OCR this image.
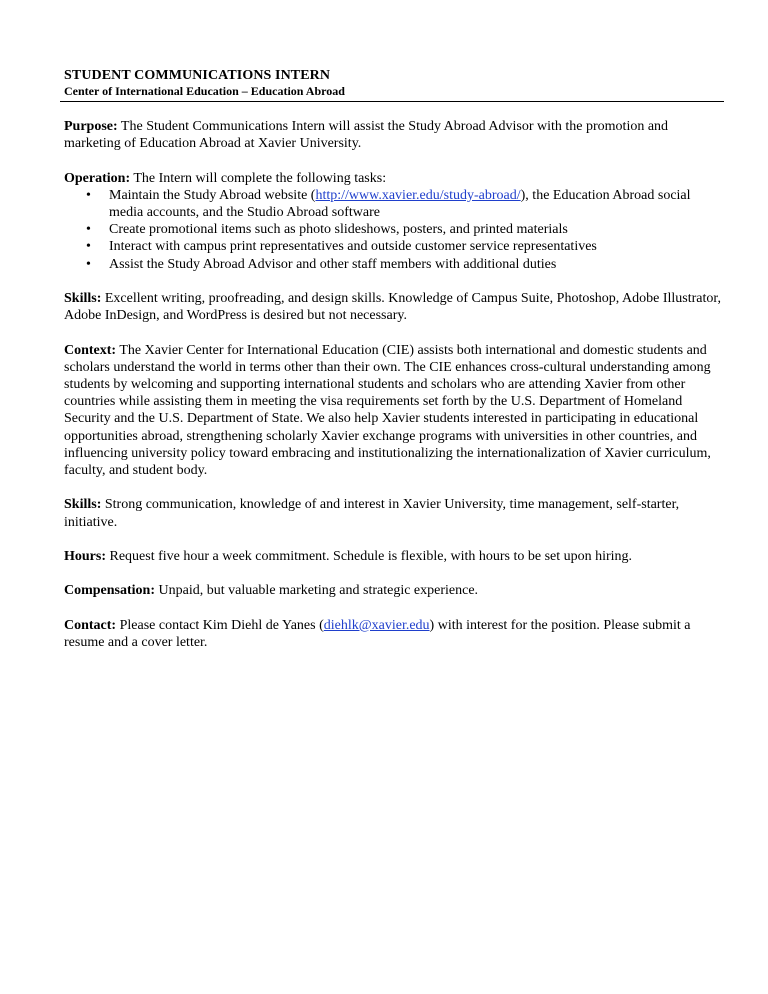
STUDENT COMMUNICATIONS INTERN

Center of International Education – Education Abroad

Purpose: The Student Communications Intern will assist the Study Abroad Advisor with the promotion and marketing of Education Abroad at Xavier University.

Operation: The Intern will complete the following tasks:

• Maintain the Study Abroad website (http://www.xavier.edu/study-abroad/), the Education Abroad social media accounts, and the Studio Abroad software
• Create promotional items such as photo slideshows, posters, and printed materials
• Interact with campus print representatives and outside customer service representatives
• Assist the Study Abroad Advisor and other staff members with additional duties

Skills: Excellent writing, proofreading, and design skills. Knowledge of Campus Suite, Photoshop, Adobe Illustrator, Adobe InDesign, and WordPress is desired but not necessary.

Context: The Xavier Center for International Education (CIE) assists both international and domestic students and scholars understand the world in terms other than their own. The CIE enhances cross-cultural understanding among students by welcoming and supporting international students and scholars who are attending Xavier from other countries while assisting them in meeting the visa requirements set forth by the U.S. Department of Homeland Security and the U.S. Department of State. We also help Xavier students interested in participating in educational opportunities abroad, strengthening scholarly Xavier exchange programs with universities in other countries, and influencing university policy toward embracing and institutionalizing the internationalization of Xavier curriculum, faculty, and student body.

Skills: Strong communication, knowledge of and interest in Xavier University, time management, self-starter, initiative.

Hours: Request five hour a week commitment. Schedule is flexible, with hours to be set upon hiring.

Compensation: Unpaid, but valuable marketing and strategic experience.

Contact: Please contact Kim Diehl de Yanes (diehlk@xavier.edu) with interest for the position. Please submit a resume and a cover letter.
